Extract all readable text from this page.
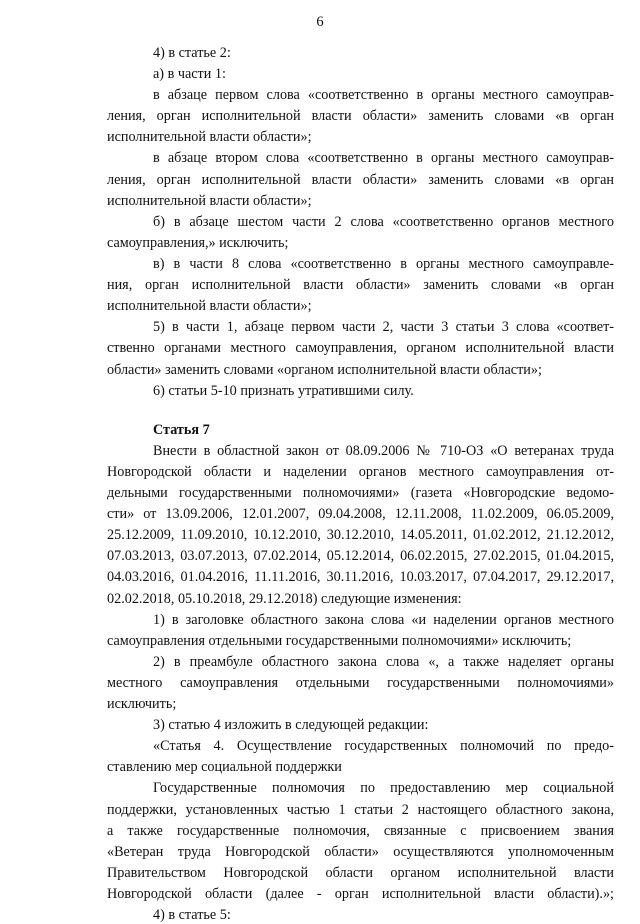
6
4) в статье 2:
а) в части 1:
в абзаце первом слова «соответственно в органы местного самоуправ-
ления, орган исполнительной власти области» заменить словами «в орган
исполнительной власти области»;
в абзаце втором слова «соответственно в органы местного самоуправ-
ления, орган исполнительной власти области» заменить словами «в орган
исполнительной власти области»;
б) в абзаце шестом части 2 слова «соответственно органов местного
самоуправления,» исключить;
в) в части 8 слова «соответственно в органы местного самоуправле-
ния, орган исполнительной власти области» заменить словами «в орган
исполнительной власти области»;
5) в части 1, абзаце первом части 2, части 3 статьи 3 слова «соответ-
ственно органами местного самоуправления, органом исполнительной власти
области» заменить словами «органом исполнительной власти области»;
6) статьи 5-10 признать утратившими силу.
Статья 7
Внести в областной закон от 08.09.2006 № 710-ОЗ «О ветеранах труда
Новгородской области и наделении органов местного самоуправления от-
дельными государственными полномочиями» (газета «Новгородские ведомо-
сти» от 13.09.2006, 12.01.2007, 09.04.2008, 12.11.2008, 11.02.2009, 06.05.2009,
25.12.2009, 11.09.2010, 10.12.2010, 30.12.2010, 14.05.2011, 01.02.2012, 21.12.2012,
07.03.2013, 03.07.2013, 07.02.2014, 05.12.2014, 06.02.2015, 27.02.2015, 01.04.2015,
04.03.2016, 01.04.2016, 11.11.2016, 30.11.2016, 10.03.2017, 07.04.2017, 29.12.2017,
02.02.2018, 05.10.2018, 29.12.2018) следующие изменения:
1) в заголовке областного закона слова «и наделении органов местного
самоуправления отдельными государственными полномочиями» исключить;
2) в преамбуле областного закона слова «, а также наделяет органы
местного самоуправления отдельными государственными полномочиями»
исключить;
3) статью 4 изложить в следующей редакции:
«Статья 4. Осуществление государственных полномочий по предо-
ставлению мер социальной поддержки
Государственные полномочия по предоставлению мер социальной
поддержки, установленных частью 1 статьи 2 настоящего областного закона,
а также государственные полномочия, связанные с присвоением звания
«Ветеран труда Новгородской области» осуществляются уполномоченным
Правительством Новгородской области органом исполнительной власти
Новгородской области (далее - орган исполнительной власти области).»;
4) в статье 5:
